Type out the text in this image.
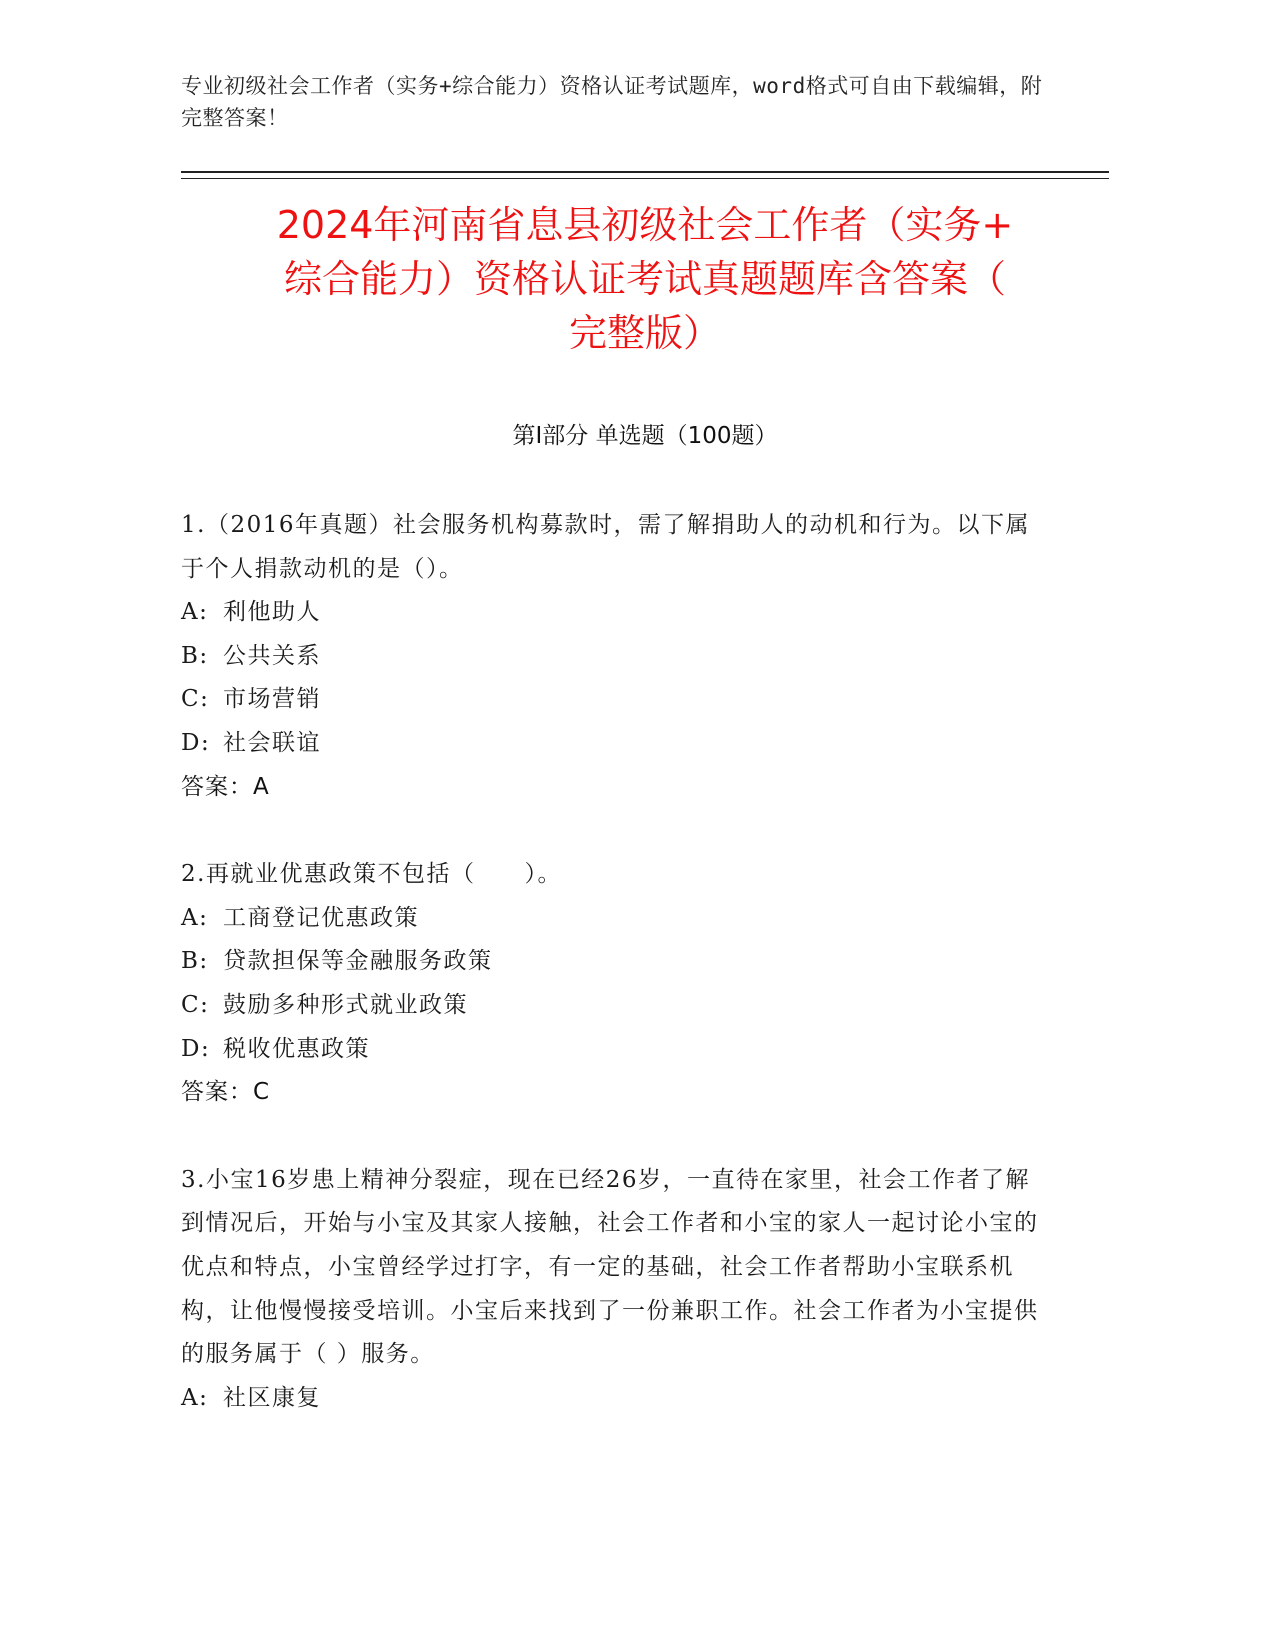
专业初级社会工作者（实务+综合能力）资格认证考试题库，word格式可自由下载编辑，附完整答案！
2024年河南省息县初级社会工作者（实务+
综合能力）资格认证考试真题题库含答案（
完整版）
第Ⅰ部分 单选题（100题）
1.（2016年真题）社会服务机构募款时，需了解捐助人的动机和行为。以下属于个人捐款动机的是（）。
A: 利他助人
B: 公共关系
C: 市场营销
D: 社会联谊
答案：A
2.再就业优惠政策不包括（　　）。
A: 工商登记优惠政策
B: 贷款担保等金融服务政策
C: 鼓励多种形式就业政策
D: 税收优惠政策
答案：C
3.小宝16岁患上精神分裂症，现在已经26岁，一直待在家里，社会工作者了解到情况后，开始与小宝及其家人接触，社会工作者和小宝的家人一起讨论小宝的优点和特点，小宝曾经学过打字，有一定的基础，社会工作者帮助小宝联系机构，让他慢慢接受培训。小宝后来找到了一份兼职工作。社会工作者为小宝提供的服务属于（ ）服务。
A: 社区康复
